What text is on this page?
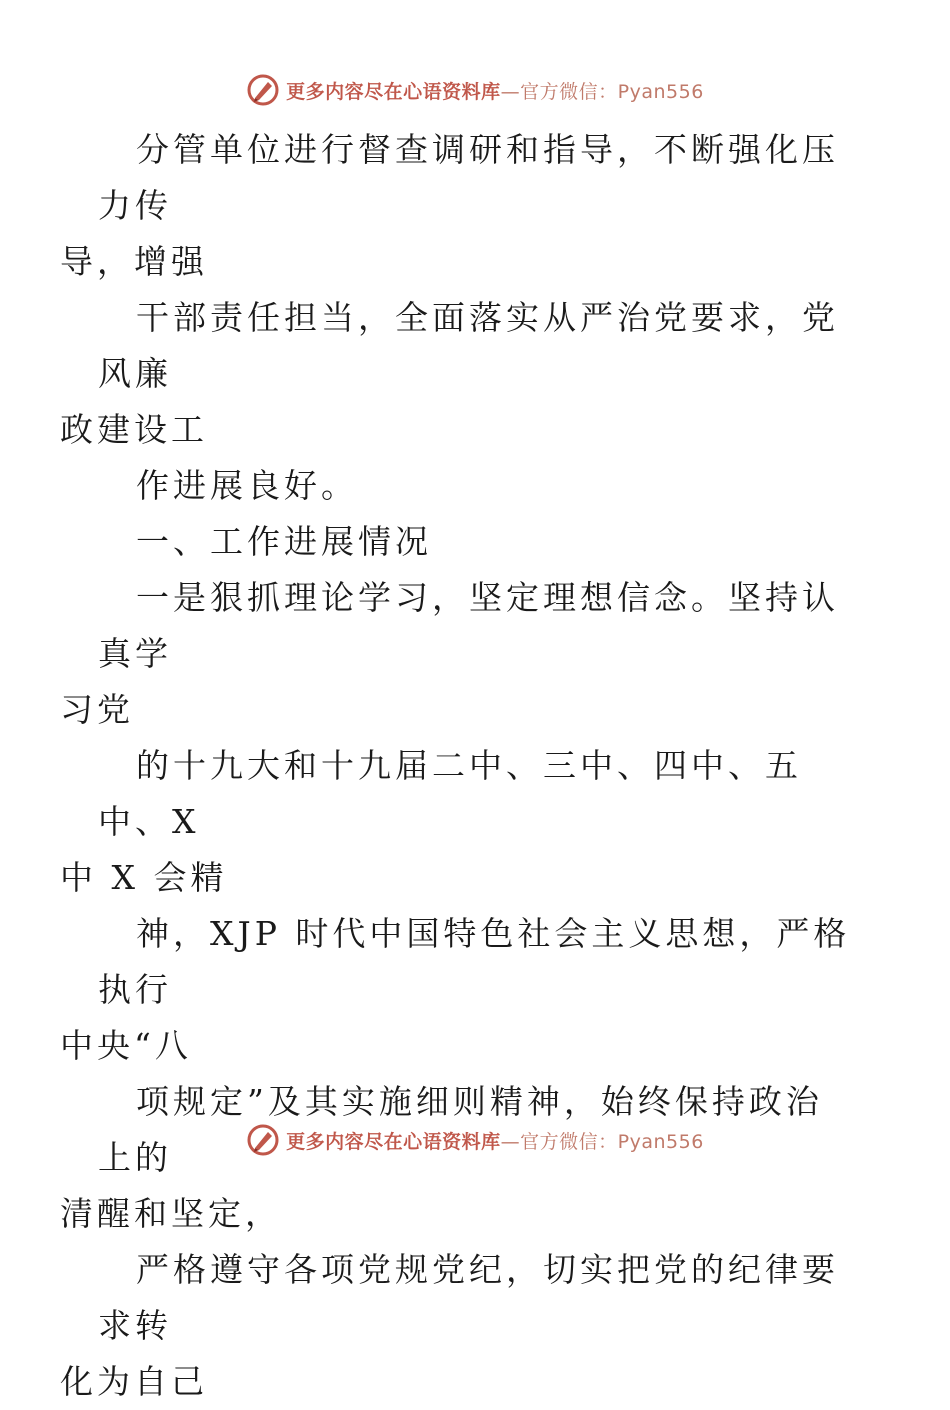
更多内容尽在心语资料库—官方微信：Pyan556

分管单位进行督查调研和指导，不断强化压力传
导，增强

干部责任担当，全面落实从严治党要求，党风廉
政建设工

作进展良好。

一、工作进展情况

一是狠抓理论学习，坚定理想信念。坚持认真学
习党

的十九大和十九届二中、三中、四中、五中、X
中 X 会精

神，XJP 时代中国特色社会主义思想，严格执行
中央“八

项规定”及其实施细则精神，始终保持政治上的
清醒和坚定，

严格遵守各项党规党纪，切实把党的纪律要求转
化为自己

更多内容尽在心语资料库—官方微信：Pyan556
